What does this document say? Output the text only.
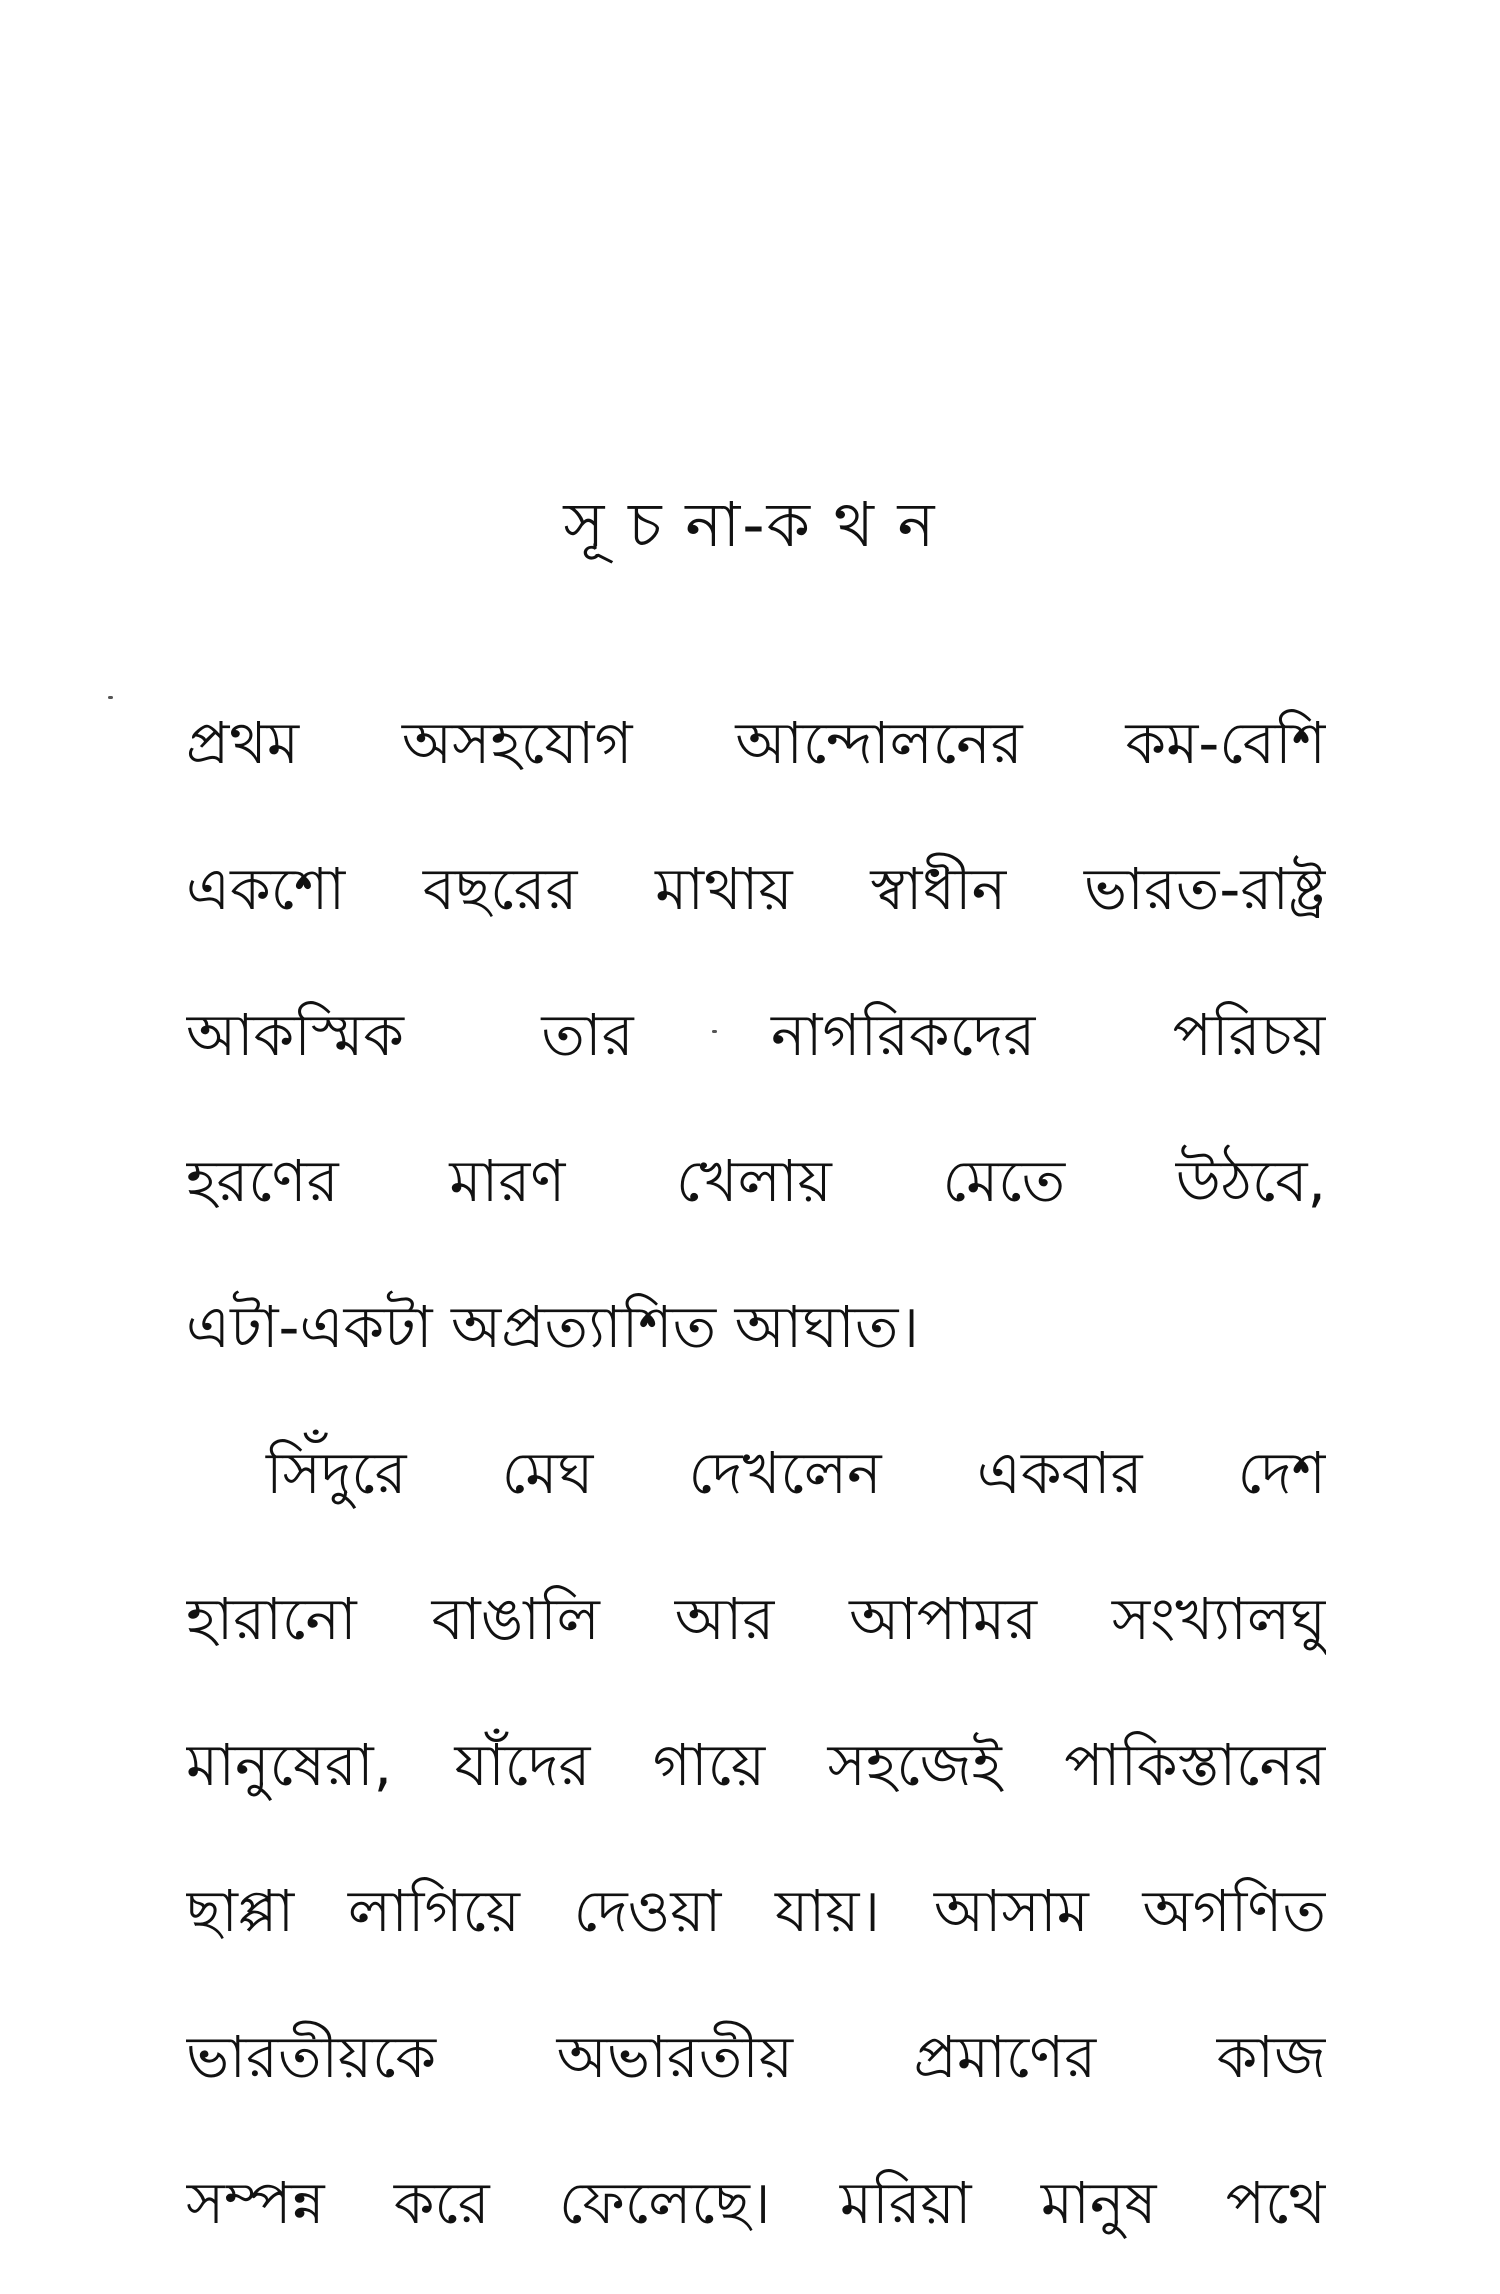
সূ চ না-ক থ ন
প্রথম অসহযোগ আন্দোলনের কম-বেশি
একশো বছরের মাথায় স্বাধীন ভারত-রাষ্ট্র
আকস্মিক তার নাগরিকদের পরিচয়
হরণের মারণ খেলায় মেতে উঠবে,
এটা-একটা অপ্রত্যাশিত আঘাত।
সিঁদুরে মেঘ দেখলেন একবার দেশ
হারানো বাঙালি আর আপামর সংখ্যালঘু
মানুষেরা, যাঁদের গায়ে সহজেই পাকিস্তানের
ছাপ্পা লাগিয়ে দেওয়া যায়। আসাম অগণিত
ভারতীয়কে অভারতীয় প্রমাণের কাজ
সম্পন্ন করে ফেলেছে। মরিয়া মানুষ পথে
